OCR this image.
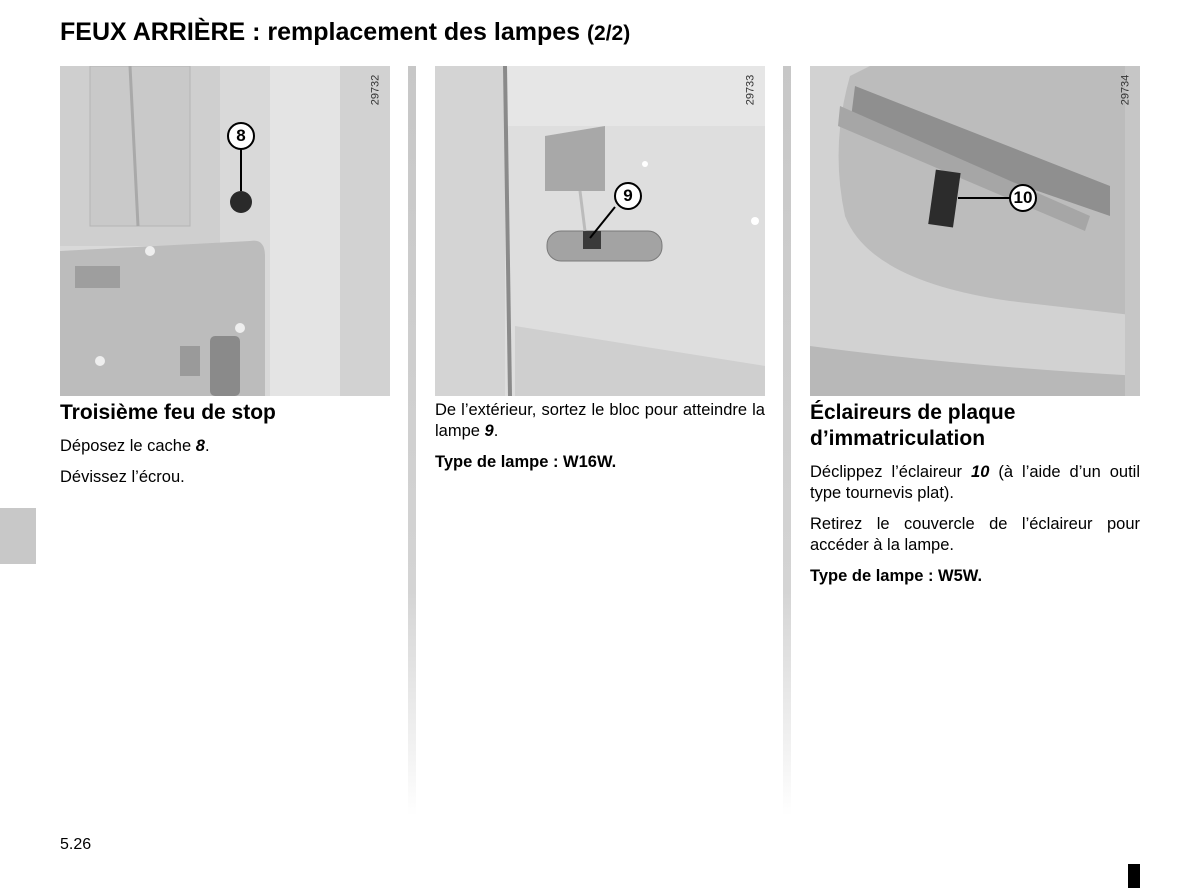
FEUX ARRIÈRE : remplacement des lampes (2/2)
29732
8
29733
9
29734
10
Troisième feu de stop

Déposez le cache 8.

Dévissez l’écrou.

De l’extérieur, sortez le bloc pour atteindre la lampe 9.

Type de lampe : W16W.

Éclaireurs de plaque d’immatriculation

Déclippez l’éclaireur 10 (à l’aide d’un outil type tournevis plat).

Retirez le couvercle de l’éclaireur pour accéder à la lampe.

Type de lampe : W5W.

5.26
